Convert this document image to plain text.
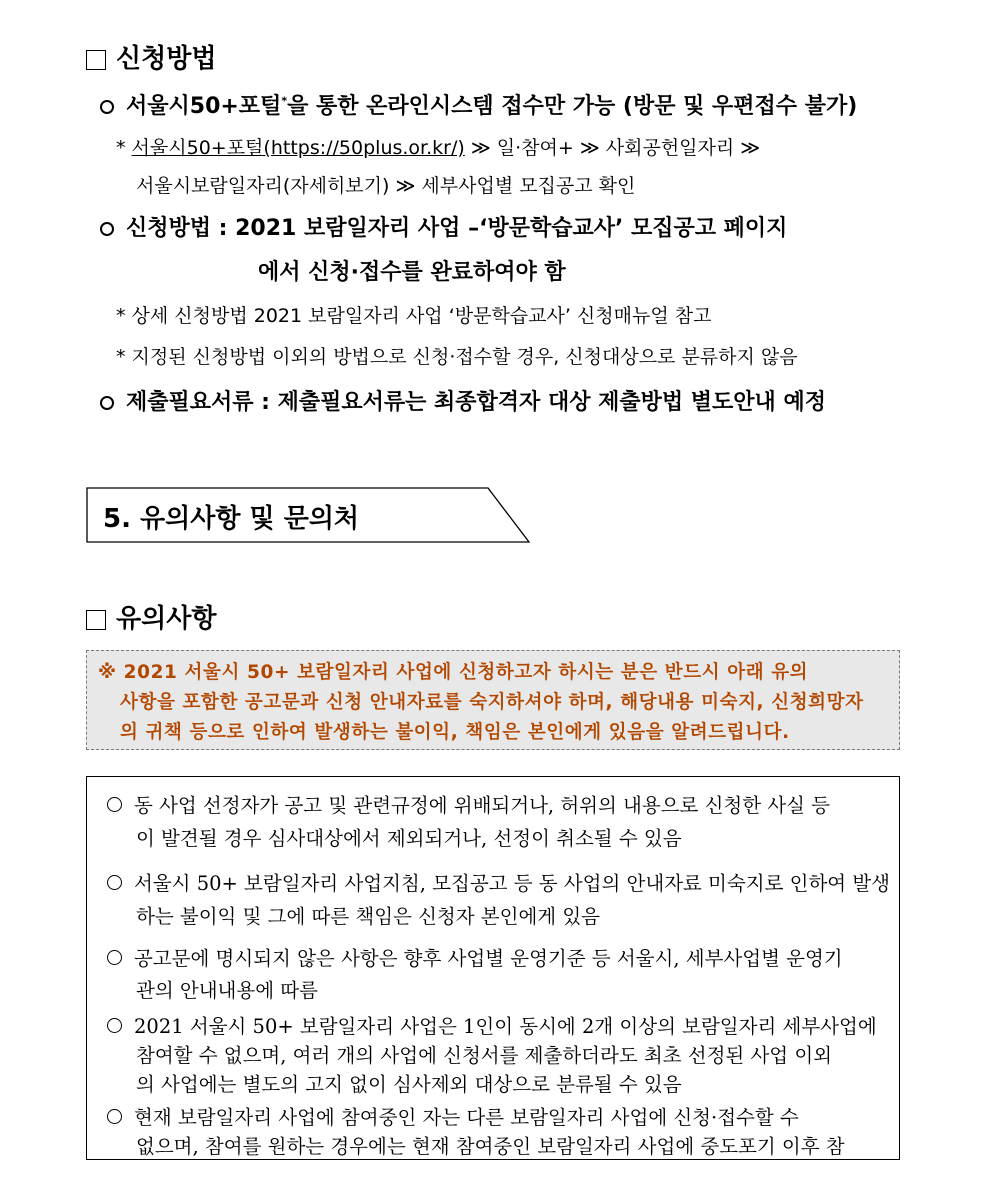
신청방법
서울시50+포털*을 통한 온라인시스템 접수만 가능 (방문 및 우편접수 불가)
* 서울시50+포털(https://50plus.or.kr/) ≫ 일·참여+ ≫ 사회공헌일자리 ≫
서울시보람일자리(자세히보기) ≫ 세부사업별 모집공고 확인
신청방법 : 2021 보람일자리 사업 –‘방문학습교사’ 모집공고 페이지
에서 신청·접수를 완료하여야 함
* 상세 신청방법 2021 보람일자리 사업 ‘방문학습교사’ 신청매뉴얼 참고
* 지정된 신청방법 이외의 방법으로 신청·접수할 경우, 신청대상으로 분류하지 않음
제출필요서류 : 제출필요서류는 최종합격자 대상 제출방법 별도안내 예정
5. 유의사항 및 문의처
유의사항
※ 2021 서울시 50+ 보람일자리 사업에 신청하고자 하시는 분은 반드시 아래 유의
사항을 포함한 공고문과 신청 안내자료를 숙지하셔야 하며, 해당내용 미숙지, 신청희망자
의 귀책 등으로 인하여 발생하는 불이익, 책임은 본인에게 있음을 알려드립니다.
동 사업 선정자가 공고 및 관련규정에 위배되거나, 허위의 내용으로 신청한 사실 등
이 발견될 경우 심사대상에서 제외되거나, 선정이 취소될 수 있음
서울시 50+ 보람일자리 사업지침, 모집공고 등 동 사업의 안내자료 미숙지로 인하여 발생
하는 불이익 및 그에 따른 책임은 신청자 본인에게 있음
공고문에 명시되지 않은 사항은 향후 사업별 운영기준 등 서울시, 세부사업별 운영기
관의 안내내용에 따름
2021 서울시 50+ 보람일자리 사업은 1인이 동시에 2개 이상의 보람일자리 세부사업에
참여할 수 없으며, 여러 개의 사업에 신청서를 제출하더라도 최초 선정된 사업 이외
의 사업에는 별도의 고지 없이 심사제외 대상으로 분류될 수 있음
현재 보람일자리 사업에 참여중인 자는 다른 보람일자리 사업에 신청·접수할 수
없으며, 참여를 원하는 경우에는 현재 참여중인 보람일자리 사업에 중도포기 이후 참
